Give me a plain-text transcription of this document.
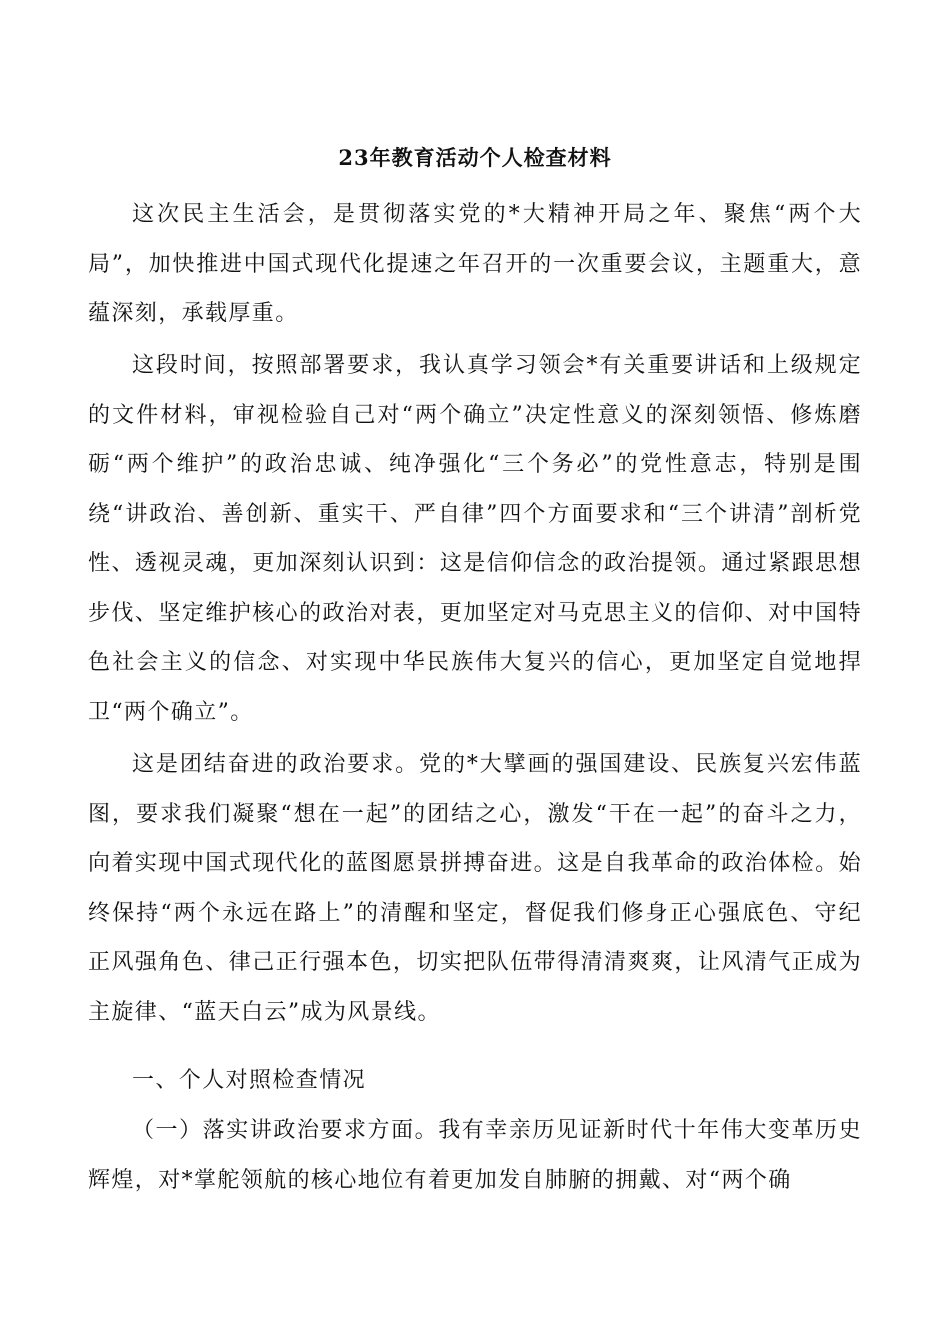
23年教育活动个人检查材料

这次民主生活会，是贯彻落实党的*大精神开局之年、聚焦“两个大局”，加快推进中国式现代化提速之年召开的一次重要会议，主题重大，意蕴深刻，承载厚重。

这段时间，按照部署要求，我认真学习领会*有关重要讲话和上级规定的文件材料，审视检验自己对“两个确立”决定性意义的深刻领悟、修炼磨砺“两个维护”的政治忠诚、纯净强化“三个务必”的党性意志，特别是围绕“讲政治、善创新、重实干、严自律”四个方面要求和“三个讲清”剖析党性、透视灵魂，更加深刻认识到：这是信仰信念的政治提领。通过紧跟思想步伐、坚定维护核心的政治对表，更加坚定对马克思主义的信仰、对中国特色社会主义的信念、对实现中华民族伟大复兴的信心，更加坚定自觉地捍卫“两个确立”。

这是团结奋进的政治要求。党的*大擘画的强国建设、民族复兴宏伟蓝图，要求我们凝聚“想在一起”的团结之心，激发“干在一起”的奋斗之力，向着实现中国式现代化的蓝图愿景拼搏奋进。这是自我革命的政治体检。始终保持“两个永远在路上”的清醒和坚定，督促我们修身正心强底色、守纪正风强角色、律己正行强本色，切实把队伍带得清清爽爽，让风清气正成为主旋律、“蓝天白云”成为风景线。

一、个人对照检查情况

（一）落实讲政治要求方面。我有幸亲历见证新时代十年伟大变革历史辉煌，对*掌舵领航的核心地位有着更加发自肺腑的拥戴、对“两个确
